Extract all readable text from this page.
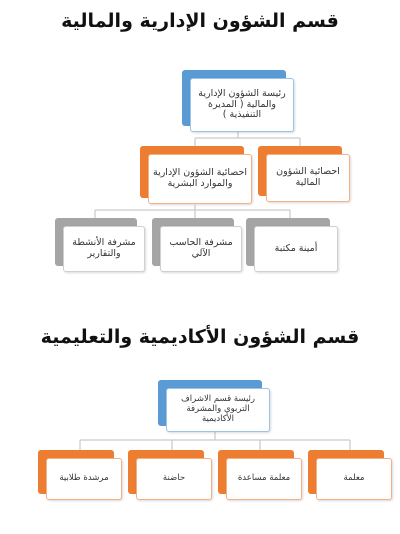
قسم الشؤون الإدارية والمالية
رئيسة الشؤون الإدارية والمالية ( المديرة التنفيذية )
احصائية الشؤون الإدارية والموارد البشرية
احصائية الشؤون المالية
مشرفة الأنشطة والتقارير
مشرفة الحاسب الآلي	أمينة مكتبة
قسم الشؤون الأكاديمية والتعليمية
رئيسة قسم الاشراف التربوي والمشرفة الأكاديمية
مرشدة طلابية	حاضنة	معلمة مساعدة	معلمة
